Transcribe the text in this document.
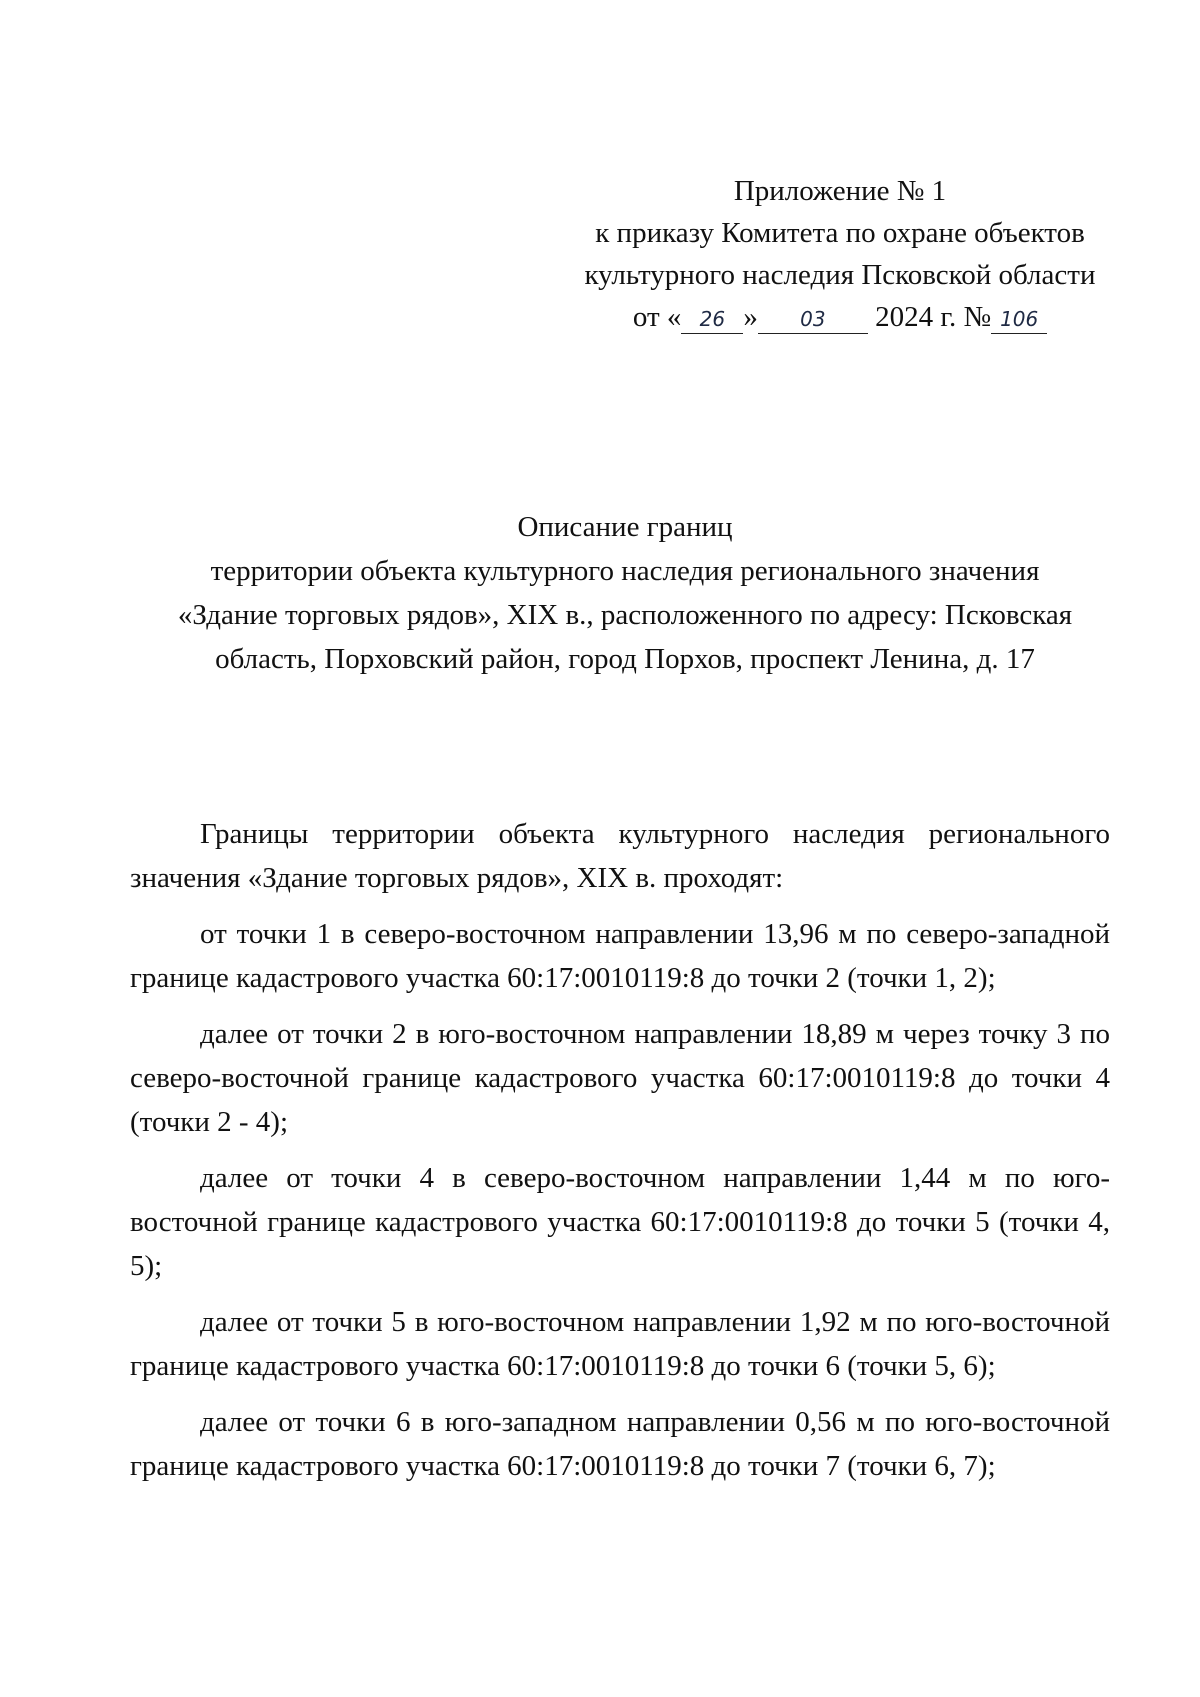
Приложение № 1
к приказу Комитета по охране объектов
культурного наследия Псковской области
от « 26 » 03 2024 г. № 106
Описание границ
территории объекта культурного наследия регионального значения
«Здание торговых рядов», XIX в., расположенного по адресу: Псковская
область, Порховский район, город Порхов, проспект Ленина, д. 17

Границы территории объекта культурного наследия регионального значения «Здание торговых рядов», XIX в. проходят:

от точки 1 в северо-восточном направлении 13,96 м по северо-западной границе кадастрового участка 60:17:0010119:8 до точки 2 (точки 1, 2);

далее от точки 2 в юго-восточном направлении 18,89 м через точку 3 по северо-восточной границе кадастрового участка 60:17:0010119:8 до точки 4 (точки 2 - 4);

далее от точки 4 в северо-восточном направлении 1,44 м по юго-восточной границе кадастрового участка 60:17:0010119:8 до точки 5 (точки 4, 5);

далее от точки 5 в юго-восточном направлении 1,92 м по юго-восточной границе кадастрового участка 60:17:0010119:8 до точки 6 (точки 5, 6);

далее от точки 6 в юго-западном направлении 0,56 м по юго-восточной границе кадастрового участка 60:17:0010119:8 до точки 7 (точки 6, 7);
